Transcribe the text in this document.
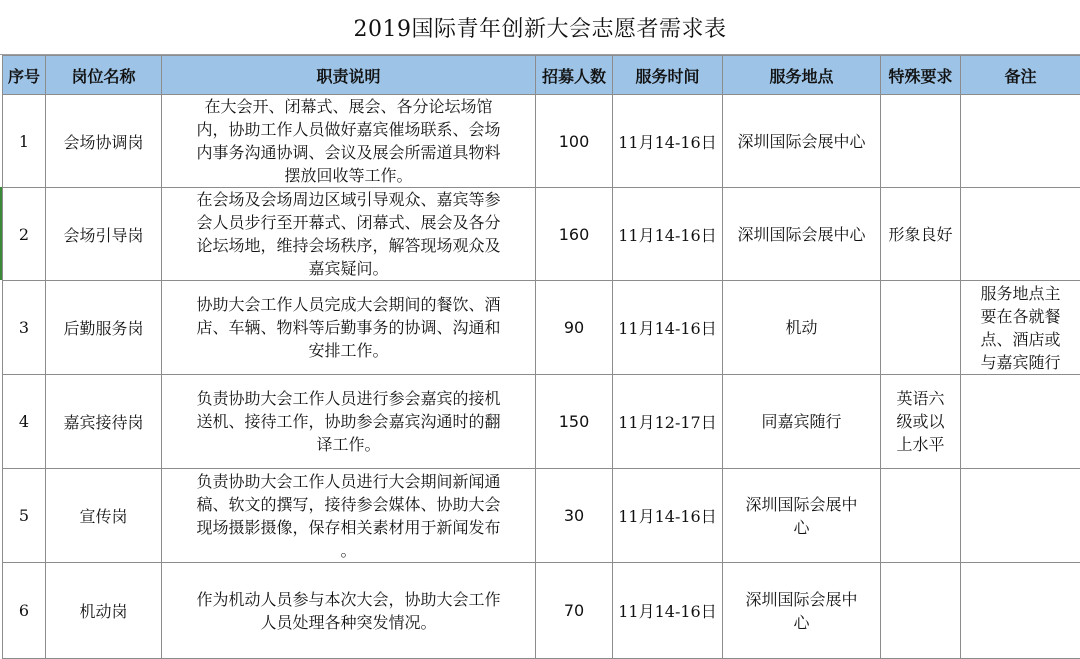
2019国际青年创新大会志愿者需求表
序号	岗位名称	职责说明	招募人数	服务时间	服务地点	特殊要求	备注
1	会场协调岗	在大会开、闭幕式、展会、各分论坛场馆
内，协助工作人员做好嘉宾催场联系、会场
内事务沟通协调、会议及展会所需道具物料
摆放回收等工作。	100	11月14-16日	深圳国际会展中心		

2	会场引导岗	在会场及会场周边区域引导观众、嘉宾等参
会人员步行至开幕式、闭幕式、展会及各分
论坛场地，维持会场秩序，解答现场观众及
嘉宾疑问。	160	11月14-16日	深圳国际会展中心	形象良好	

3	后勤服务岗	协助大会工作人员完成大会期间的餐饮、酒
店、车辆、物料等后勤事务的协调、沟通和
安排工作。	90	11月14-16日	机动		服务地点主
要在各就餐
点、酒店或
与嘉宾随行

4	嘉宾接待岗	负责协助大会工作人员进行参会嘉宾的接机
送机、接待工作，协助参会嘉宾沟通时的翻
译工作。	150	11月12-17日	同嘉宾随行	英语六
级或以
上水平	

5	宣传岗	负责协助大会工作人员进行大会期间新闻通
稿、软文的撰写，接待参会媒体、协助大会
现场摄影摄像，保存相关素材用于新闻发布
。	30	11月14-16日	深圳国际会展中
心		

6	机动岗	作为机动人员参与本次大会，协助大会工作
人员处理各种突发情况。	70	11月14-16日	深圳国际会展中
心		
